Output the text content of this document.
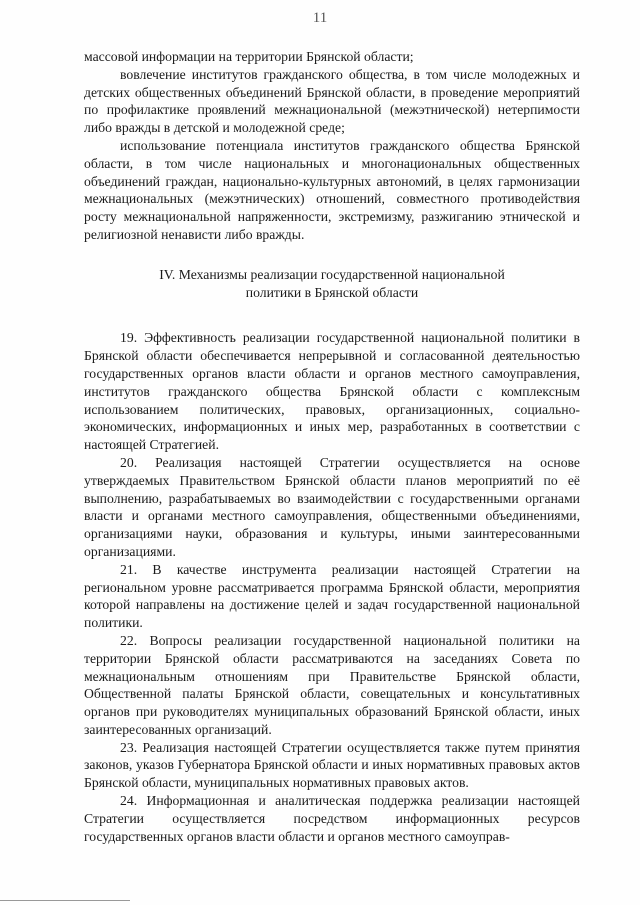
11

массовой информации на территории Брянской области;

вовлечение институтов гражданского общества, в том числе молодежных и детских общественных объединений Брянской области, в проведение мероприятий по профилактике проявлений межнациональной (межэтнической) нетерпимости либо вражды в детской и молодежной среде;

использование потенциала институтов гражданского общества Брянской области, в том числе национальных и многонациональных общественных объединений граждан, национально-культурных автономий, в целях гармонизации межнациональных (межэтнических) отношений, совместного противодействия росту межнациональной напряженности, экстремизму, разжиганию этнической и религиозной ненависти либо вражды.

IV. Механизмы реализации государственной национальной
политики в Брянской области

19. Эффективность реализации государственной национальной политики в Брянской области обеспечивается непрерывной и согласованной деятельностью государственных органов власти области и органов местного самоуправления, институтов гражданского общества Брянской области с комплексным использованием политических, правовых, организационных, социально-экономических, информационных и иных мер, разработанных в соответствии с настоящей Стратегией.

20. Реализация настоящей Стратегии осуществляется на основе утверждаемых Правительством Брянской области планов мероприятий по её выполнению, разрабатываемых во взаимодействии с государственными органами власти и органами местного самоуправления, общественными объединениями, организациями науки, образования и культуры, иными заинтересованными организациями.

21. В качестве инструмента реализации настоящей Стратегии на региональном уровне рассматривается программа Брянской области, мероприятия которой направлены на достижение целей и задач государственной национальной политики.

22. Вопросы реализации государственной национальной политики на территории Брянской области рассматриваются на заседаниях Совета по межнациональным отношениям при Правительстве Брянской области, Общественной палаты Брянской области, совещательных и консультативных органов при руководителях муниципальных образований Брянской области, иных заинтересованных организаций.

23. Реализация настоящей Стратегии осуществляется также путем принятия законов, указов Губернатора Брянской области и иных нормативных правовых актов Брянской области, муниципальных нормативных правовых актов.

24. Информационная и аналитическая поддержка реализации настоящей Стратегии осуществляется посредством информационных ресурсов государственных органов власти области и органов местного самоуправ-
